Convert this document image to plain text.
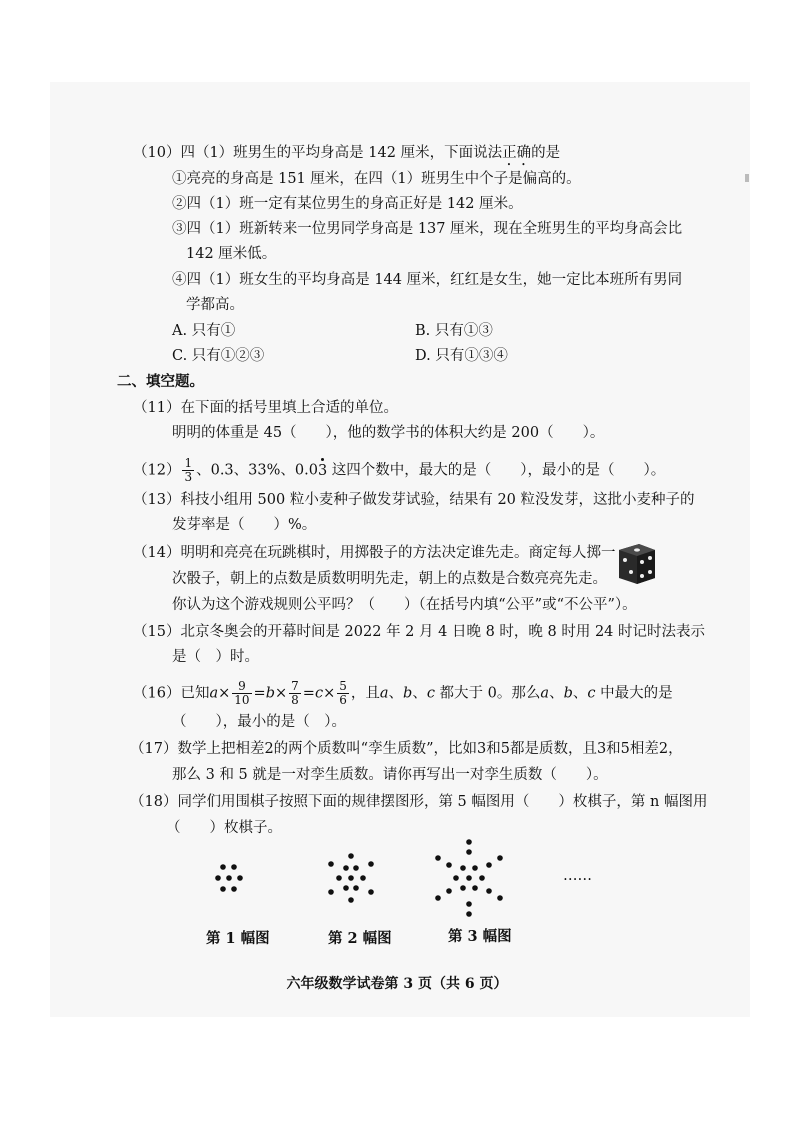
（10）四（1）班男生的平均身高是 142 厘米，下面说法正确的是
①亮亮的身高是 151 厘米，在四（1）班男生中个子是偏高的。
②四（1）班一定有某位男生的身高正好是 142 厘米。
③四（1）班新转来一位男同学身高是 137 厘米，现在全班男生的平均身高会比
142 厘米低。
④四（1）班女生的平均身高是 144 厘米，红红是女生，她一定比本班所有男同
学都高。
A. 只有①	B. 只有①③
C. 只有①②③	D. 只有①③④
二、填空题。
（11）在下面的括号里填上合适的单位。
明明的体重是 45（　　），他的数学书的体积大约是 200（　　）。
$(12) \frac{1}{3}$ 、0.3、33%、0.03 这四个数中，最大的是（　　），最小的是（　　）。
（13）科技小组用 500 粒小麦种子做发芽试验，结果有 20 粒没发芽，这批小麦种子的
发芽率是（　　）%。
（14）明明和亮亮在玩跳棋时，用掷骰子的方法决定谁先走。商定每人掷一
次骰子，朝上的点数是质数明明先走，朝上的点数是合数亮亮先走。
你认为这个游戏规则公平吗？（　　）（在括号内填“公平”或“不公平”）。
（15）北京冬奥会的开幕时间是 2022 年 2 月 4 日晚 8 时，晚 8 时用 24 时记时法表示
是（　）时。
（16）已知$a\times \frac{9}{10} =b\times \frac{7}{8} =c\times \frac{5}{6}$ ，且a、b、c 都大于 0。那么a、b、c 中最大的是
（　　），最小的是（　）。
（17）数学上把相差2的两个质数叫“孪生质数”，比如3和5都是质数，且3和5相差2，
那么 3 和 5 就是一对孪生质数。请你再写出一对孪生质数（　　）。
（18）同学们用围棋子按照下面的规律摆图形，第 5 幅图用（　　）枚棋子，第 n 幅图用
（　　）枚棋子。
……
第 1 幅图	第 2 幅图	第 3 幅图
六年级数学试卷第 3 页（共 6 页）
